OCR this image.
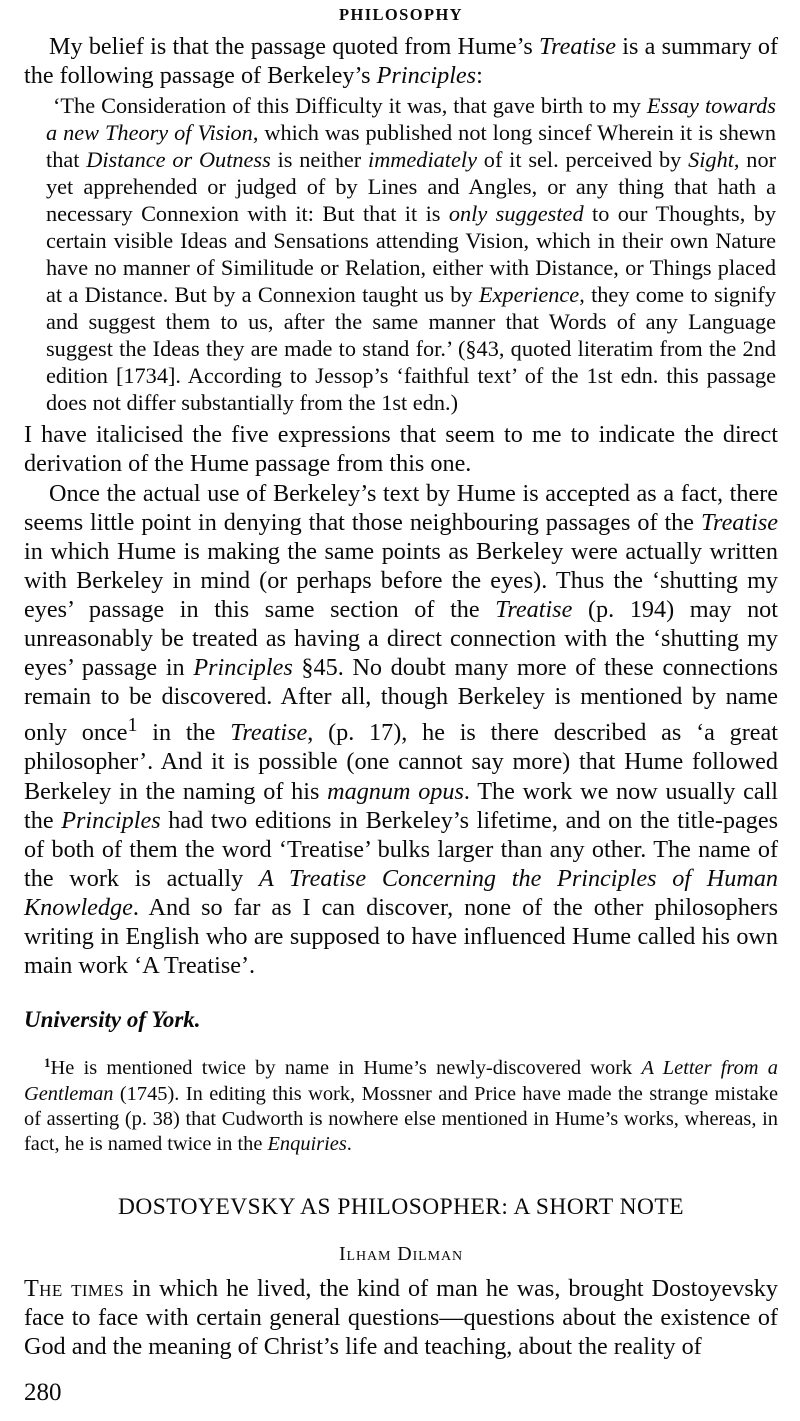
PHILOSOPHY

My belief is that the passage quoted from Hume’s Treatise is a summary of the following passage of Berkeley’s Principles:

‘The Consideration of this Difficulty it was, that gave birth to my Essay towards a new Theory of Vision, which was published not long sincef Wherein it is shewn that Distance or Outness is neither immediately of it sel. perceived by Sight, nor yet apprehended or judged of by Lines and Angles, or any thing that hath a necessary Connexion with it: But that it is only suggested to our Thoughts, by certain visible Ideas and Sensations attending Vision, which in their own Nature have no manner of Similitude or Relation, either with Distance, or Things placed at a Distance. But by a Connexion taught us by Experience, they come to signify and suggest them to us, after the same manner that Words of any Language suggest the Ideas they are made to stand for.’ (§43, quoted literatim from the 2nd edition [1734]. According to Jessop’s ‘faithful text’ of the 1st edn. this passage does not differ substantially from the 1st edn.)

I have italicised the five expressions that seem to me to indicate the direct derivation of the Hume passage from this one.

Once the actual use of Berkeley’s text by Hume is accepted as a fact, there seems little point in denying that those neighbouring passages of the Treatise in which Hume is making the same points as Berkeley were actually written with Berkeley in mind (or perhaps before the eyes). Thus the ‘shutting my eyes’ passage in this same section of the Treatise (p. 194) may not unreasonably be treated as having a direct connection with the ‘shutting my eyes’ passage in Principles §45. No doubt many more of these connections remain to be discovered. After all, though Berkeley is mentioned by name only once$^1$ in the Treatise, (p. 17), he is there described as ‘a great philosopher’. And it is possible (one cannot say more) that Hume followed Berkeley in the naming of his magnum opus. The work we now usually call the Principles had two editions in Berkeley’s lifetime, and on the title-pages of both of them the word ‘Treatise’ bulks larger than any other. The name of the work is actually A Treatise Concerning the Principles of Human Knowledge. And so far as I can discover, none of the other philosophers writing in English who are supposed to have influenced Hume called his own main work ‘A Treatise’.

University of York.

$^1$He is mentioned twice by name in Hume’s newly-discovered work A Letter from a Gentleman (1745). In editing this work, Mossner and Price have made the strange mistake of asserting (p. 38) that Cudworth is nowhere else mentioned in Hume’s works, whereas, in fact, he is named twice in the Enquiries.

DOSTOYEVSKY AS PHILOSOPHER: A SHORT NOTE

Ilham Dilman

The times in which he lived, the kind of man he was, brought Dostoyevsky face to face with certain general questions—questions about the existence of God and the meaning of Christ’s life and teaching, about the reality of

280
